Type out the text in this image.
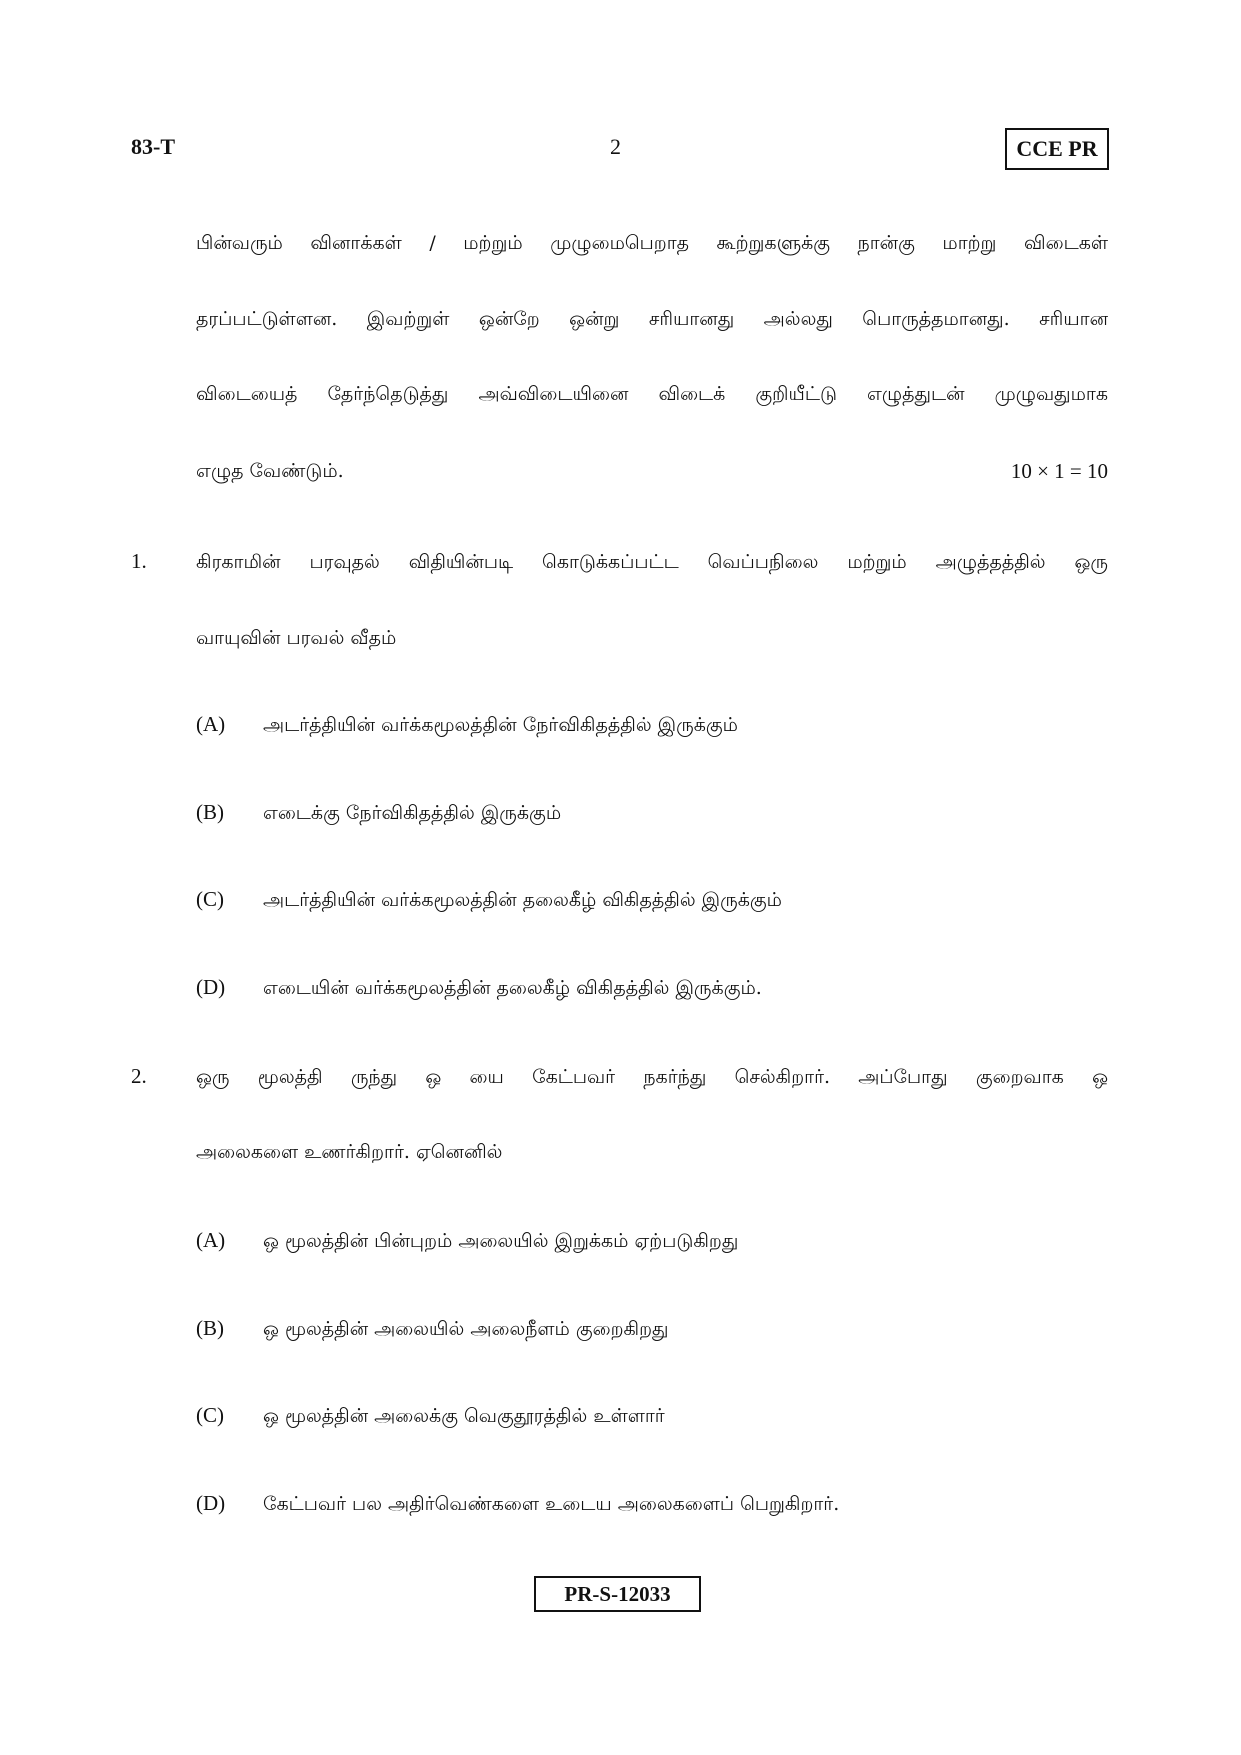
83-T	2	CCE PR
பின்வரும் வினாக்கள் / மற்றும் முழுமைபெறாத கூற்றுகளுக்கு நான்கு மாற்று விடைகள்
தரப்பட்டுள்ளன. இவற்றுள் ஒன்றே ஒன்று சரியானது அல்லது பொருத்தமானது. சரியான
விடையைத் தேர்ந்தெடுத்து அவ்விடையினை விடைக் குறியீட்டு எழுத்துடன் முழுவதுமாக
எழுத வேண்டும்.	10 × 1 = 10
1.	கிரகாமின் பரவுதல் விதியின்படி கொடுக்கப்பட்ட வெப்பநிலை மற்றும் அழுத்தத்தில் ஒரு
வாயுவின் பரவல் வீதம்
(A) அடர்த்தியின் வர்க்கமூலத்தின் நேர்விகிதத்தில் இருக்கும்
(B) எடைக்கு நேர்விகிதத்தில் இருக்கும்
(C) அடர்த்தியின் வர்க்கமூலத்தின் தலைகீழ் விகிதத்தில் இருக்கும்
(D) எடையின் வர்க்கமூலத்தின் தலைகீழ் விகிதத்தில் இருக்கும்.
2.	ஒரு மூலத்தி ருந்து ஒ யை கேட்பவர் நகர்ந்து செல்கிறார். அப்போது குறைவாக ஒ
அலைகளை உணர்கிறார். ஏனெனில்
(A) ஒ மூலத்தின் பின்புறம் அலையில் இறுக்கம் ஏற்படுகிறது
(B) ஒ மூலத்தின் அலையில் அலைநீளம் குறைகிறது
(C) ஒ மூலத்தின் அலைக்கு வெகுதூரத்தில் உள்ளார்
(D) கேட்பவர் பல அதிர்வெண்களை உடைய அலைகளைப் பெறுகிறார்.
PR-S-12033
